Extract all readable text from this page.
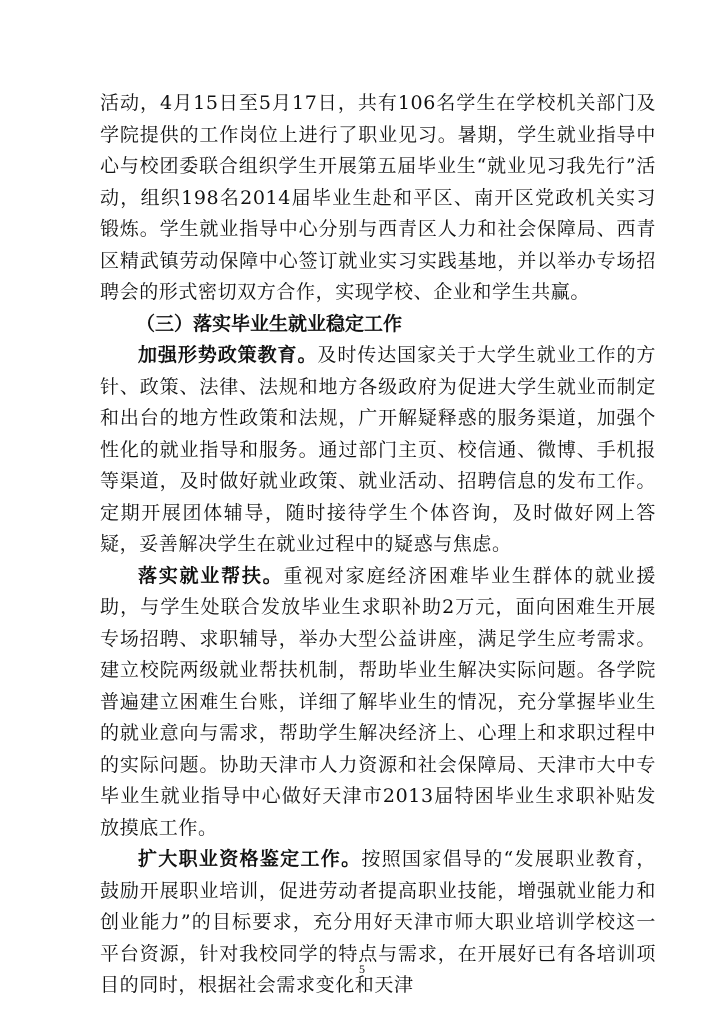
活动，4月15日至5月17日，共有106名学生在学校机关部门及学院提供的工作岗位上进行了职业见习。暑期，学生就业指导中心与校团委联合组织学生开展第五届毕业生“就业见习我先行”活动，组织198名2014届毕业生赴和平区、南开区党政机关实习锻炼。学生就业指导中心分别与西青区人力和社会保障局、西青区精武镇劳动保障中心签订就业实习实践基地，并以举办专场招聘会的形式密切双方合作，实现学校、企业和学生共赢。

（三）落实毕业生就业稳定工作

加强形势政策教育。及时传达国家关于大学生就业工作的方针、政策、法律、法规和地方各级政府为促进大学生就业而制定和出台的地方性政策和法规，广开解疑释惑的服务渠道，加强个性化的就业指导和服务。通过部门主页、校信通、微博、手机报等渠道，及时做好就业政策、就业活动、招聘信息的发布工作。定期开展团体辅导，随时接待学生个体咨询，及时做好网上答疑，妥善解决学生在就业过程中的疑惑与焦虑。

落实就业帮扶。重视对家庭经济困难毕业生群体的就业援助，与学生处联合发放毕业生求职补助2万元，面向困难生开展专场招聘、求职辅导，举办大型公益讲座，满足学生应考需求。建立校院两级就业帮扶机制，帮助毕业生解决实际问题。各学院普遍建立困难生台账，详细了解毕业生的情况，充分掌握毕业生的就业意向与需求，帮助学生解决经济上、心理上和求职过程中的实际问题。协助天津市人力资源和社会保障局、天津市大中专毕业生就业指导中心做好天津市2013届特困毕业生求职补贴发放摸底工作。

扩大职业资格鉴定工作。按照国家倡导的“发展职业教育，鼓励开展职业培训，促进劳动者提高职业技能，增强就业能力和创业能力”的目标要求，充分用好天津市师大职业培训学校这一平台资源，针对我校同学的特点与需求，在开展好已有各培训项目的同时，根据社会需求变化和天津

5
